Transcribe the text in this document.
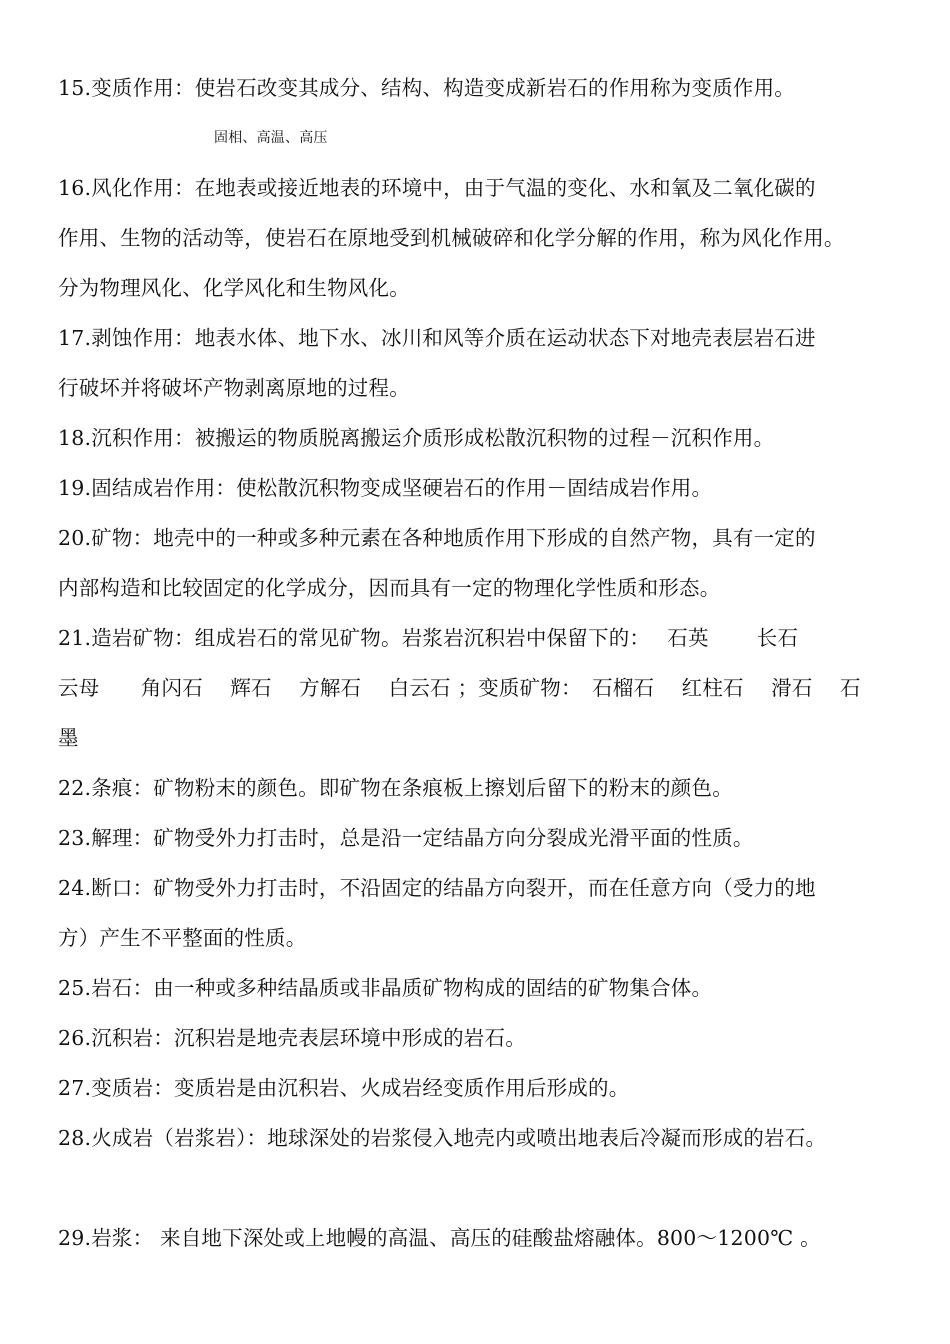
15.变质作用：使岩石改变其成分、结构、构造变成新岩石的作用称为变质作用。
固相、高温、高压
16.风化作用：在地表或接近地表的环境中，由于气温的变化、水和氧及二氧化碳的
作用、生物的活动等，使岩石在原地受到机械破碎和化学分解的作用，称为风化作用。
分为物理风化、化学风化和生物风化。
17.剥蚀作用：地表水体、地下水、冰川和风等介质在运动状态下对地壳表层岩石进
行破坏并将破坏产物剥离原地的过程。
18.沉积作用：被搬运的物质脱离搬运介质形成松散沉积物的过程－沉积作用。
19.固结成岩作用：使松散沉积物变成坚硬岩石的作用－固结成岩作用。
20.矿物：地壳中的一种或多种元素在各种地质作用下形成的自然产物，具有一定的
内部构造和比较固定的化学成分，因而具有一定的物理化学性质和形态。
21.造岩矿物：组成岩石的常见矿物。岩浆岩沉积岩中保留下的：　 石英　　 长石
云母　　角闪石　 辉石　 方解石　 白云石 ；变质矿物：　石榴石　 红柱石　 滑石　 石
墨
22.条痕：矿物粉末的颜色。即矿物在条痕板上擦划后留下的粉末的颜色。
23.解理：矿物受外力打击时，总是沿一定结晶方向分裂成光滑平面的性质。
24.断口：矿物受外力打击时，不沿固定的结晶方向裂开，而在任意方向（受力的地
方）产生不平整面的性质。
25.岩石：由一种或多种结晶质或非晶质矿物构成的固结的矿物集合体。
26.沉积岩：沉积岩是地壳表层环境中形成的岩石。
27.变质岩：变质岩是由沉积岩、火成岩经变质作用后形成的。
28.火成岩（岩浆岩）：地球深处的岩浆侵入地壳内或喷出地表后冷凝而形成的岩石。
29.岩浆： 来自地下深处或上地幔的高温、高压的硅酸盐熔融体。800～1200℃ 。
